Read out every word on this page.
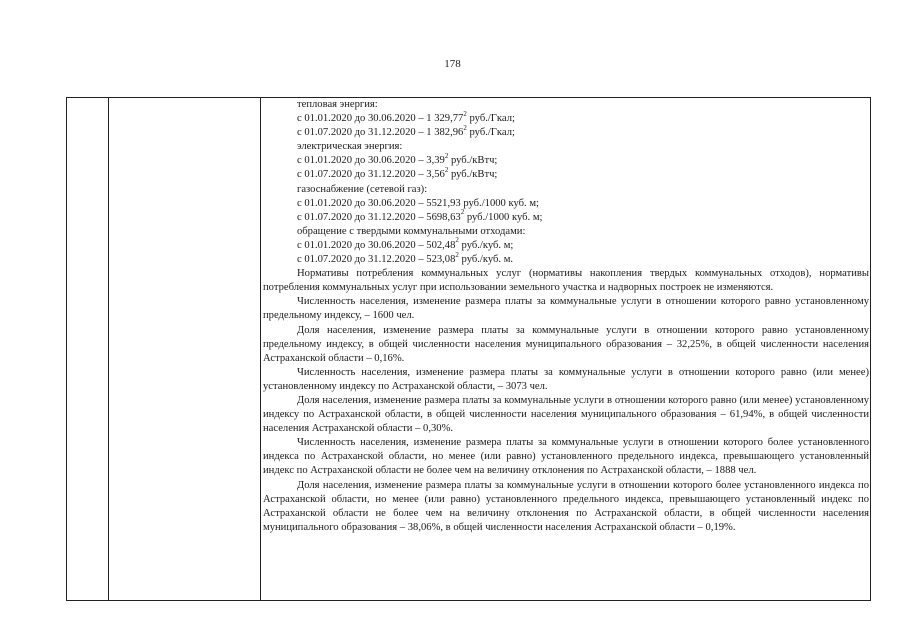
178
тепловая энергия:
с 01.01.2020 до 30.06.2020 – 1 329,77$^2$ руб./Гкал;
с 01.07.2020 до 31.12.2020 – 1 382,96$^2$ руб./Гкал;
электрическая энергия:
с 01.01.2020 до 30.06.2020 – 3,39$^2$ руб./кВтч;
с 01.07.2020 до 31.12.2020 – 3,56$^2$ руб./кВтч;
газоснабжение (сетевой газ):
с 01.01.2020 до 30.06.2020 – 5521,93 руб./1000 куб. м;
с 01.07.2020 до 31.12.2020 – 5698,63$^2$ руб./1000 куб. м;
обращение с твердыми коммунальными отходами:
с 01.01.2020 до 30.06.2020 – 502,48$^2$ руб./куб. м;
с 01.07.2020 до 31.12.2020 – 523,08$^2$ руб./куб. м.

Нормативы потребления коммунальных услуг (нормативы накопления твердых коммунальных отходов), нормативы потребления коммунальных услуг при использовании земельного участка и надворных построек не изменяются.

Численность населения, изменение размера платы за коммунальные услуги в отношении которого равно установленному предельному индексу, – 1600 чел.

Доля населения, изменение размера платы за коммунальные услуги в отношении которого равно установленному предельному индексу, в общей численности населения муниципального образования – 32,25%, в общей численности населения Астраханской области – 0,16%.

Численность населения, изменение размера платы за коммунальные услуги в отношении которого равно (или менее) установленному индексу по Астраханской области, – 3073 чел.

Доля населения, изменение размера платы за коммунальные услуги в отношении которого равно (или менее) установленному индексу по Астраханской области, в общей численности населения муниципального образования – 61,94%, в общей численности населения Астраханской области – 0,30%.

Численность населения, изменение размера платы за коммунальные услуги в отношении которого более установленного индекса по Астраханской области, но менее (или равно) установленного предельного индекса, превышающего установленный индекс по Астраханской области не более чем на величину отклонения по Астраханской области, – 1888 чел.

Доля населения, изменение размера платы за коммунальные услуги в отношении которого более установленного индекса по Астраханской области, но менее (или равно) установленного предельного индекса, превышающего установленный индекс по Астраханской области не более чем на величину отклонения по Астраханской области, в общей численности населения муниципального образования – 38,06%, в общей численности населения Астраханской области – 0,19%.
